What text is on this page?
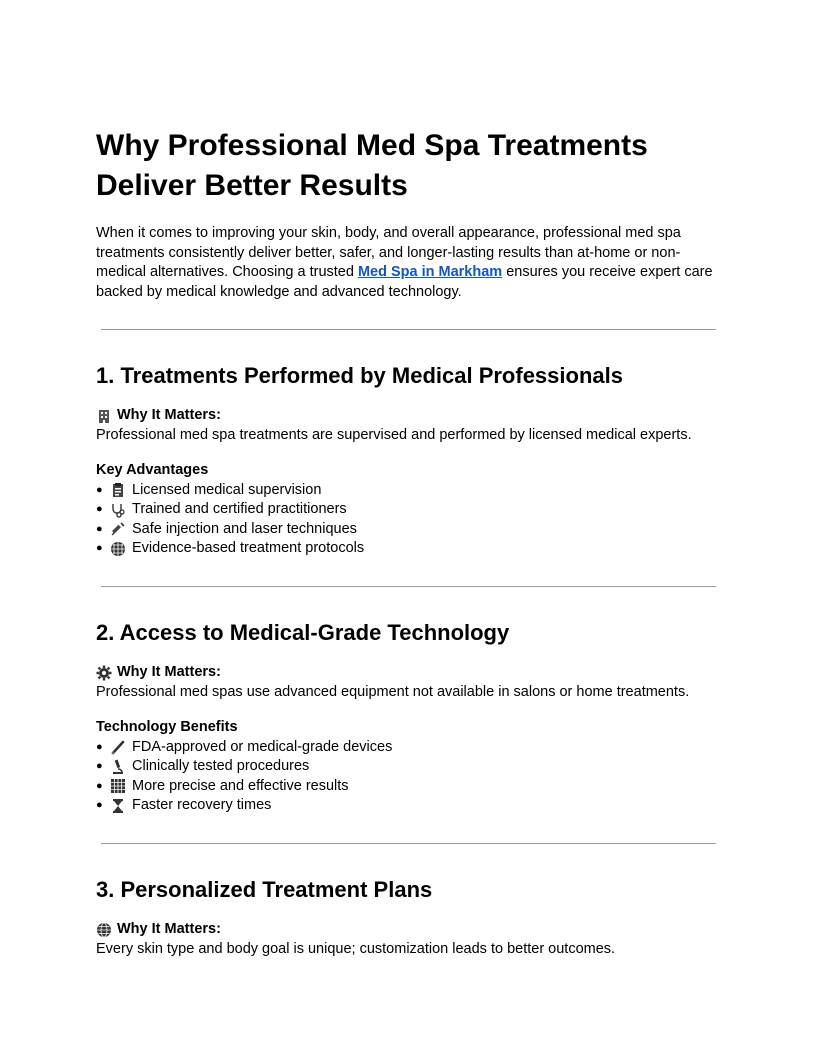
Why Professional Med Spa Treatments Deliver Better Results

When it comes to improving your skin, body, and overall appearance, professional med spa treatments consistently deliver better, safer, and longer-lasting results than at-home or non-medical alternatives. Choosing a trusted Med Spa in Markham ensures you receive expert care backed by medical knowledge and advanced technology.

1. Treatments Performed by Medical Professionals
Why It Matters:
Professional med spa treatments are supervised and performed by licensed medical experts.
Key Advantages
●	Licensed medical supervision
●	Trained and certified practitioners
●	Safe injection and laser techniques
●	Evidence-based treatment protocols
2. Access to Medical-Grade Technology
Why It Matters:
Professional med spas use advanced equipment not available in salons or home treatments.
Technology Benefits
●	FDA-approved or medical-grade devices
●	Clinically tested procedures
●	More precise and effective results
●	Faster recovery times
3. Personalized Treatment Plans
Why It Matters:
Every skin type and body goal is unique; customization leads to better outcomes.
